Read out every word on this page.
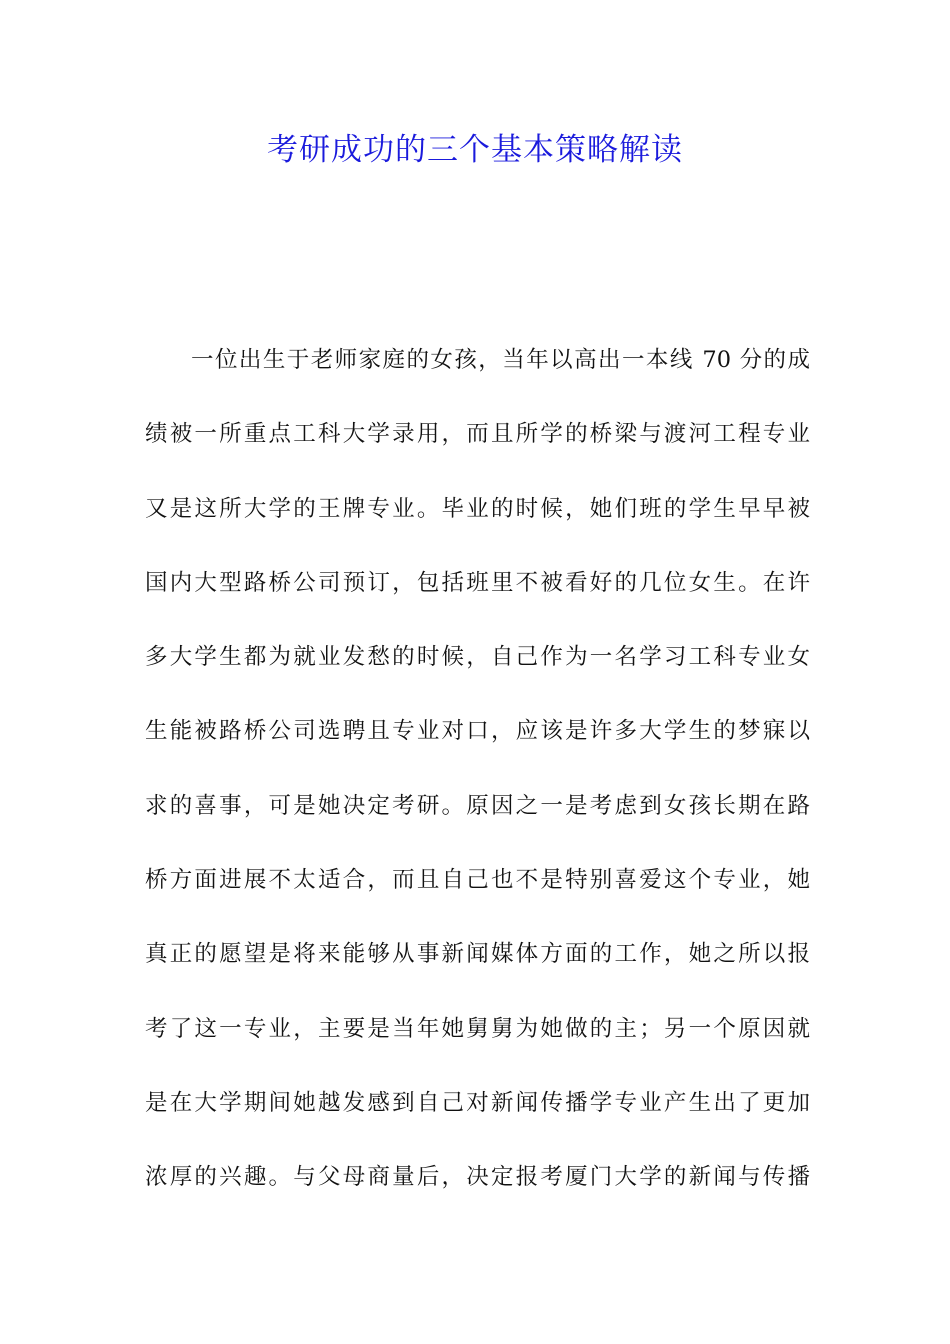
考研成功的三个基本策略解读
一位出生于老师家庭的女孩，当年以高出一本线 70 分的成
绩被一所重点工科大学录用，而且所学的桥梁与渡河工程专业
又是这所大学的王牌专业。毕业的时候，她们班的学生早早被
国内大型路桥公司预订，包括班里不被看好的几位女生。在许
多大学生都为就业发愁的时候，自己作为一名学习工科专业女
生能被路桥公司选聘且专业对口，应该是许多大学生的梦寐以
求的喜事，可是她决定考研。原因之一是考虑到女孩长期在路
桥方面进展不太适合，而且自己也不是特别喜爱这个专业，她
真正的愿望是将来能够从事新闻媒体方面的工作，她之所以报
考了这一专业，主要是当年她舅舅为她做的主；另一个原因就
是在大学期间她越发感到自己对新闻传播学专业产生出了更加
浓厚的兴趣。与父母商量后，决定报考厦门大学的新闻与传播
